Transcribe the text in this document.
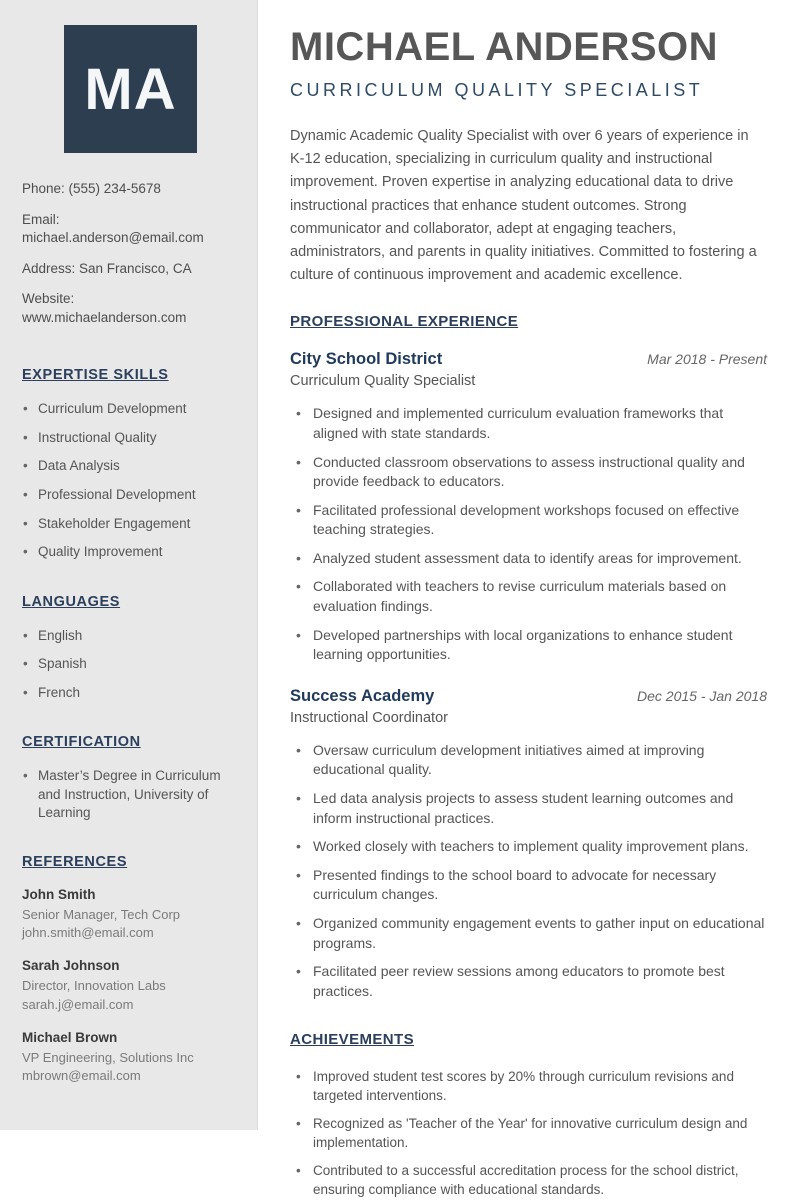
MA
Phone: (555) 234-5678
Email: michael.anderson@email.com
Address: San Francisco, CA
Website: www.michaelanderson.com
EXPERTISE SKILLS
• Curriculum Development
• Instructional Quality
• Data Analysis
• Professional Development
• Stakeholder Engagement
• Quality Improvement
LANGUAGES
• English
• Spanish
• French
CERTIFICATION
• Master’s Degree in Curriculum and Instruction, University of Learning
REFERENCES

John Smith

Senior Manager, Tech Corp

john.smith@email.com

Sarah Johnson

Director, Innovation Labs

sarah.j@email.com

Michael Brown

VP Engineering, Solutions Inc

mbrown@email.com

MICHAEL ANDERSON
CURRICULUM QUALITY SPECIALIST

Dynamic Academic Quality Specialist with over 6 years of experience in K-12 education, specializing in curriculum quality and instructional improvement. Proven expertise in analyzing educational data to drive instructional practices that enhance student outcomes. Strong communicator and collaborator, adept at engaging teachers, administrators, and parents in quality initiatives. Committed to fostering a culture of continuous improvement and academic excellence.

PROFESSIONAL EXPERIENCE
City School District	Mar 2018 - Present

Curriculum Quality Specialist

• Designed and implemented curriculum evaluation frameworks that aligned with state standards.
• Conducted classroom observations to assess instructional quality and provide feedback to educators.
• Facilitated professional development workshops focused on effective teaching strategies.
• Analyzed student assessment data to identify areas for improvement.
• Collaborated with teachers to revise curriculum materials based on evaluation findings.
• Developed partnerships with local organizations to enhance student learning opportunities.
Success Academy	Dec 2015 - Jan 2018

Instructional Coordinator

• Oversaw curriculum development initiatives aimed at improving educational quality.
• Led data analysis projects to assess student learning outcomes and inform instructional practices.
• Worked closely with teachers to implement quality improvement plans.
• Presented findings to the school board to advocate for necessary curriculum changes.
• Organized community engagement events to gather input on educational programs.
• Facilitated peer review sessions among educators to promote best practices.
ACHIEVEMENTS
• Improved student test scores by 20% through curriculum revisions and targeted interventions.
• Recognized as 'Teacher of the Year' for innovative curriculum design and implementation.
• Contributed to a successful accreditation process for the school district, ensuring compliance with educational standards.
